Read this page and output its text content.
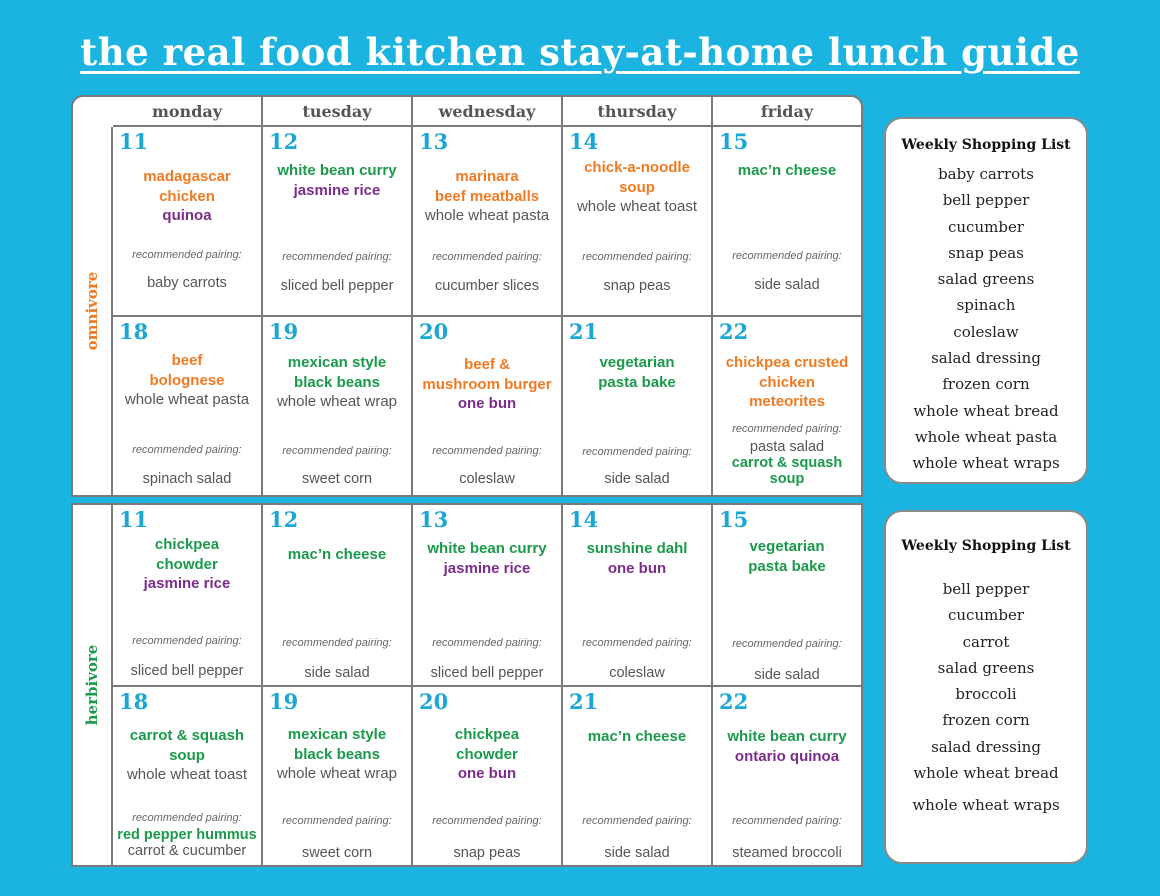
the real food kitchen stay-at-home lunch guide
monday	tuesday	wednesday	thursday	friday
omnivore
11
madagascar
chicken
quinoa
recommended pairing:
baby carrots
12
white bean curry
jasmine rice
recommended pairing:
sliced bell pepper
13
marinara
beef meatballs
whole wheat pasta
recommended pairing:
cucumber slices
14
chick-a-noodle
soup
whole wheat toast
recommended pairing:
snap peas
15
mac’n cheese
recommended pairing:
side salad
18
beef
bolognese
whole wheat pasta
recommended pairing:
spinach salad
19
mexican style
black beans
whole wheat wrap
recommended pairing:
sweet corn
20
beef &
mushroom burger
one bun
recommended pairing:
coleslaw
21
vegetarian
pasta bake
recommended pairing:
side salad
22
chickpea crusted
chicken
meteorites
recommended pairing:
pasta salad
carrot & squash
soup
herbivore
11
chickpea
chowder
jasmine rice
recommended pairing:
sliced bell pepper
12
mac’n cheese
recommended pairing:
side salad
13
white bean curry
jasmine rice
recommended pairing:
sliced bell pepper
14
sunshine dahl
one bun
recommended pairing:
coleslaw
15
vegetarian
pasta bake
recommended pairing:
side salad
18
carrot & squash
soup
whole wheat toast
recommended pairing:
red pepper hummus
carrot & cucumber
19
mexican style
black beans
whole wheat wrap
recommended pairing:
sweet corn
20
chickpea
chowder
one bun
recommended pairing:
snap peas
21
mac’n cheese
recommended pairing:
side salad
22
white bean curry
ontario quinoa
recommended pairing:
steamed broccoli
Weekly Shopping List
baby carrots
bell pepper
cucumber
snap peas
salad greens
spinach
coleslaw
salad dressing
frozen corn
whole wheat bread
whole wheat pasta
whole wheat wraps
Weekly Shopping List
bell pepper
cucumber
carrot
salad greens
broccoli
frozen corn
salad dressing
whole wheat bread
whole wheat wraps
